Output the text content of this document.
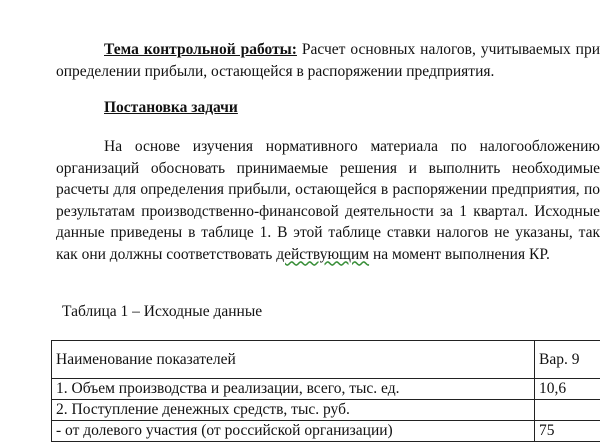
Тема контрольной работы: Расчет основных налогов, учитываемых при определении прибыли, остающейся в распоряжении предприятия.

Постановка задачи

На основе изучения нормативного материала по налогообложению организаций обосновать принимаемые решения и выполнить необходимые расчеты для определения прибыли, остающейся в распоряжении предприятия, по результатам производственно-финансовой деятельности за 1 квартал. Исходные данные приведены в таблице 1. В этой таблице ставки налогов не указаны, так как они должны соответствовать действующим на момент выполнения КР.

Таблица 1 – Исходные данные

Наименование показателей	Вар. 9
1. Объем производства и реализации, всего, тыс. ед.	10,6
2. Поступление денежных средств, тыс. руб.	
- от долевого участия (от российской организации)	75
